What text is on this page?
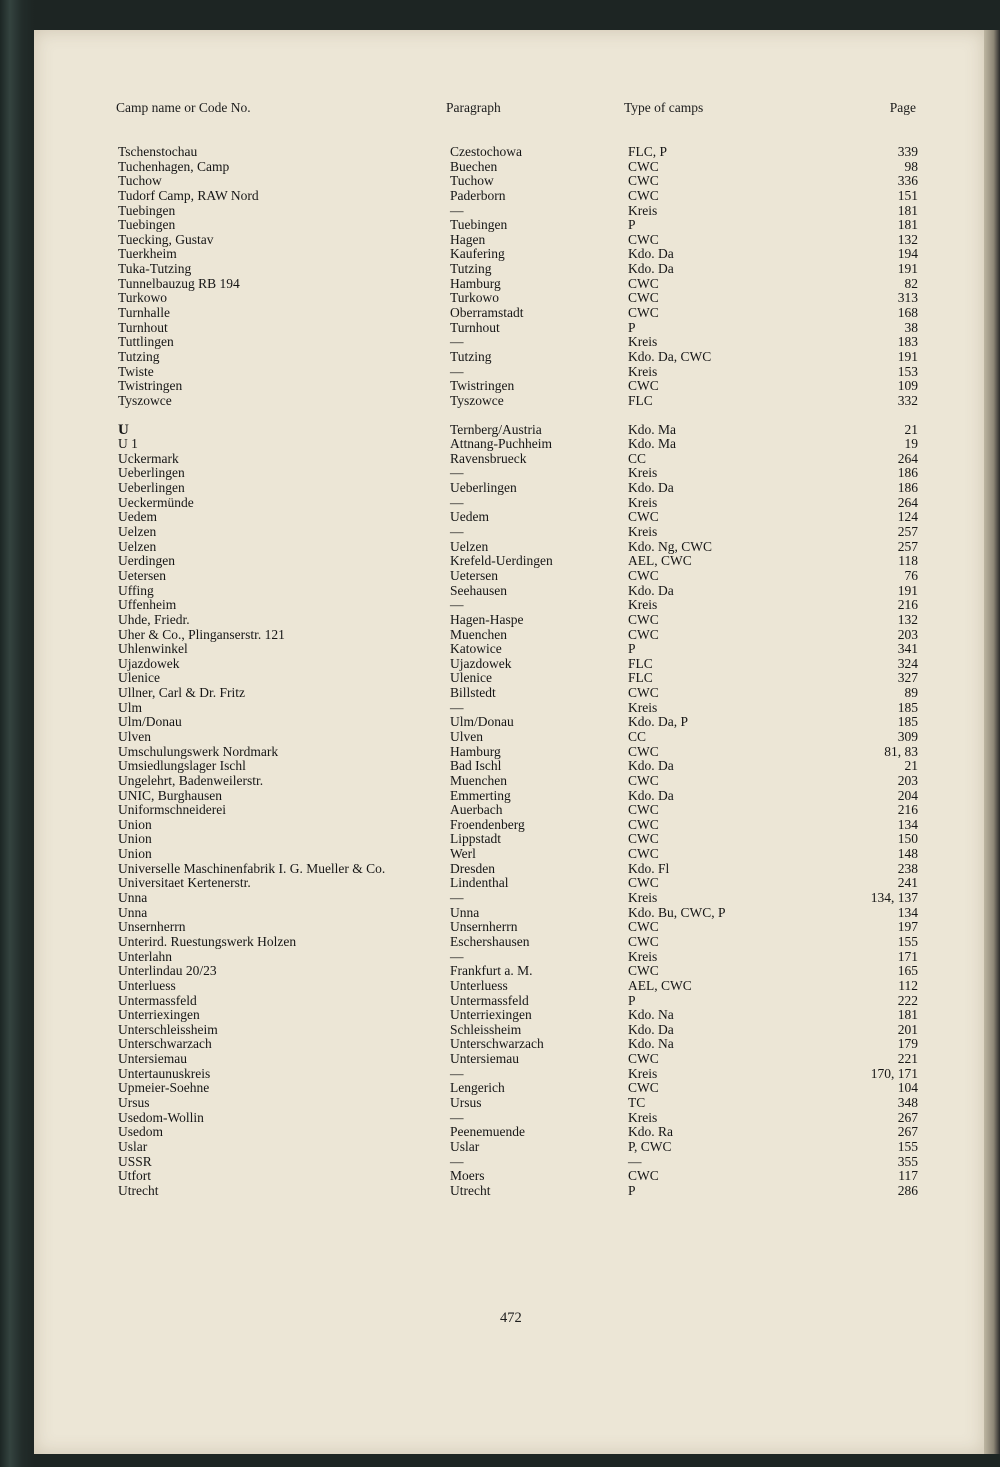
Camp name or Code No.	Paragraph	Type of camps	Page
Tschenstochau	Czestochowa	FLC, P	339
Tuchenhagen, Camp	Buechen	CWC	98
Tuchow	Tuchow	CWC	336
Tudorf Camp, RAW Nord	Paderborn	CWC	151
Tuebingen	—	Kreis	181
Tuebingen	Tuebingen	P	181
Tuecking, Gustav	Hagen	CWC	132
Tuerkheim	Kaufering	Kdo. Da	194
Tuka-Tutzing	Tutzing	Kdo. Da	191
Tunnelbauzug RB 194	Hamburg	CWC	82
Turkowo	Turkowo	CWC	313
Turnhalle	Oberramstadt	CWC	168
Turnhout	Turnhout	P	38
Tuttlingen	—	Kreis	183
Tutzing	Tutzing	Kdo. Da, CWC	191
Twiste	—	Kreis	153
Twistringen	Twistringen	CWC	109
Tyszowce	Tyszowce	FLC	332
U	Ternberg/Austria	Kdo. Ma	21
U 1	Attnang-Puchheim	Kdo. Ma	19
Uckermark	Ravensbrueck	CC	264
Ueberlingen	—	Kreis	186
Ueberlingen	Ueberlingen	Kdo. Da	186
Ueckermünde	—	Kreis	264
Uedem	Uedem	CWC	124
Uelzen	—	Kreis	257
Uelzen	Uelzen	Kdo. Ng, CWC	257
Uerdingen	Krefeld-Uerdingen	AEL, CWC	118
Uetersen	Uetersen	CWC	76
Uffing	Seehausen	Kdo. Da	191
Uffenheim	—	Kreis	216
Uhde, Friedr.	Hagen-Haspe	CWC	132
Uher & Co., Plinganserstr. 121	Muenchen	CWC	203
Uhlenwinkel	Katowice	P	341
Ujazdowek	Ujazdowek	FLC	324
Ulenice	Ulenice	FLC	327
Ullner, Carl & Dr. Fritz	Billstedt	CWC	89
Ulm	—	Kreis	185
Ulm/Donau	Ulm/Donau	Kdo. Da, P	185
Ulven	Ulven	CC	309
Umschulungswerk Nordmark	Hamburg	CWC	81, 83
Umsiedlungslager Ischl	Bad Ischl	Kdo. Da	21
Ungelehrt, Badenweilerstr.	Muenchen	CWC	203
UNIC, Burghausen	Emmerting	Kdo. Da	204
Uniformschneiderei	Auerbach	CWC	216
Union	Froendenberg	CWC	134
Union	Lippstadt	CWC	150
Union	Werl	CWC	148
Universelle Maschinenfabrik I. G. Mueller & Co.	Dresden	Kdo. Fl	238
Universitaet Kertenerstr.	Lindenthal	CWC	241
Unna	—	Kreis	134, 137
Unna	Unna	Kdo. Bu, CWC, P	134
Unsernherrn	Unsernherrn	CWC	197
Unterird. Ruestungswerk Holzen	Eschershausen	CWC	155
Unterlahn	—	Kreis	171
Unterlindau 20/23	Frankfurt a. M.	CWC	165
Unterluess	Unterluess	AEL, CWC	112
Untermassfeld	Untermassfeld	P	222
Unterriexingen	Unterriexingen	Kdo. Na	181
Unterschleissheim	Schleissheim	Kdo. Da	201
Unterschwarzach	Unterschwarzach	Kdo. Na	179
Untersiemau	Untersiemau	CWC	221
Untertaunuskreis	—	Kreis	170, 171
Upmeier-Soehne	Lengerich	CWC	104
Ursus	Ursus	TC	348
Usedom-Wollin	—	Kreis	267
Usedom	Peenemuende	Kdo. Ra	267
Uslar	Uslar	P, CWC	155
USSR	—	—	355
Utfort	Moers	CWC	117
Utrecht	Utrecht	P	286
472
